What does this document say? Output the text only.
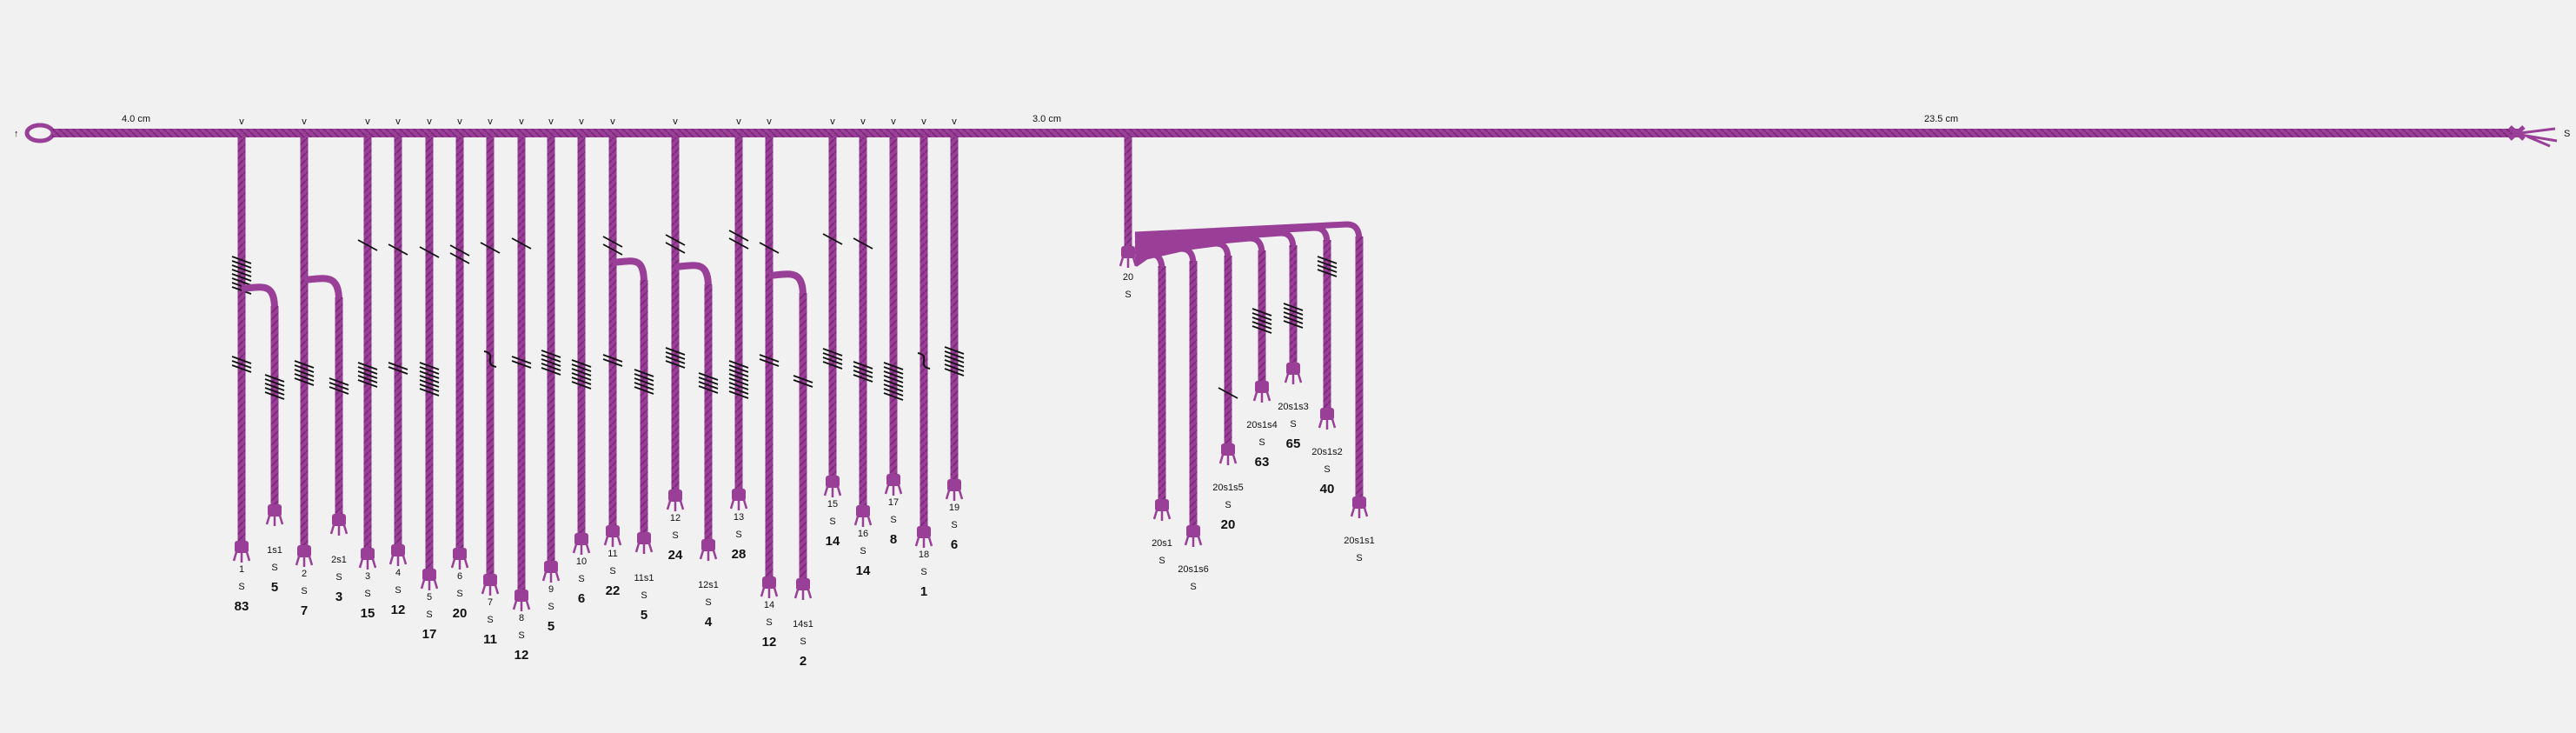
↑	S
4.0 cm	3.0 cm	23.5 cm
v
1
S
83
1s1
S
5
v
2
S
7
2s1
S
3
v
3
S
15
v
4
S
12
v
5
S
17
v
6
S
20
v
7
S
11
v
8
S
12
v
9
S
5
v
10
S
6
v
11
S
22
11s1
S
5
v
12
S
24
12s1
S
4
v
13
S
28
v
14
S
12
14s1
S
2
v
15
S
14
v
16
S
14
v
17
S
8
v
18
S
1
v
19
S
6
20
S
20s1
S
20s1s6
S
20s1s5
S
20
20s1s4
S
63
20s1s3
S
65
20s1s2
S
40
20s1s1
S
